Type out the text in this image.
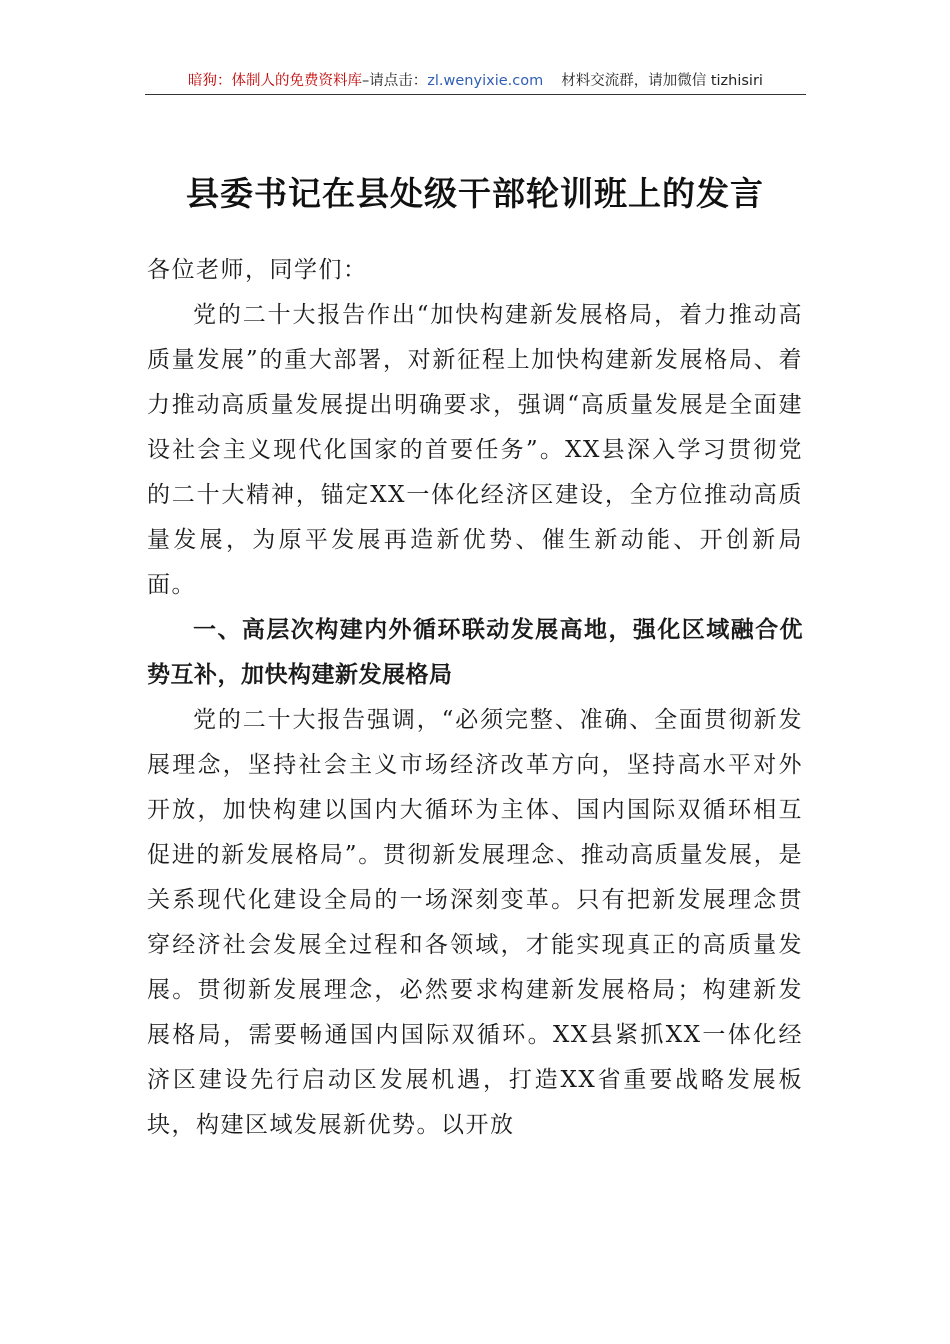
暗狗：体制人的免费资料库–请点击：zl.wenyixie.com 材料交流群，请加微信 tizhisiri
县委书记在县处级干部轮训班上的发言

各位老师，同学们：

党的二十大报告作出“加快构建新发展格局，着力推动高质量发展”的重大部署，对新征程上加快构建新发展格局、着力推动高质量发展提出明确要求，强调“高质量发展是全面建设社会主义现代化国家的首要任务”。XX县深入学习贯彻党的二十大精神，锚定XX一体化经济区建设，全方位推动高质量发展，为原平发展再造新优势、催生新动能、开创新局面。

一、高层次构建内外循环联动发展高地，强化区域融合优势互补，加快构建新发展格局

党的二十大报告强调，“必须完整、准确、全面贯彻新发展理念，坚持社会主义市场经济改革方向，坚持高水平对外开放，加快构建以国内大循环为主体、国内国际双循环相互促进的新发展格局”。贯彻新发展理念、推动高质量发展，是关系现代化建设全局的一场深刻变革。只有把新发展理念贯穿经济社会发展全过程和各领域，才能实现真正的高质量发展。贯彻新发展理念，必然要求构建新发展格局；构建新发展格局，需要畅通国内国际双循环。XX县紧抓XX一体化经济区建设先行启动区发展机遇，打造XX省重要战略发展板块，构建区域发展新优势。以开放
